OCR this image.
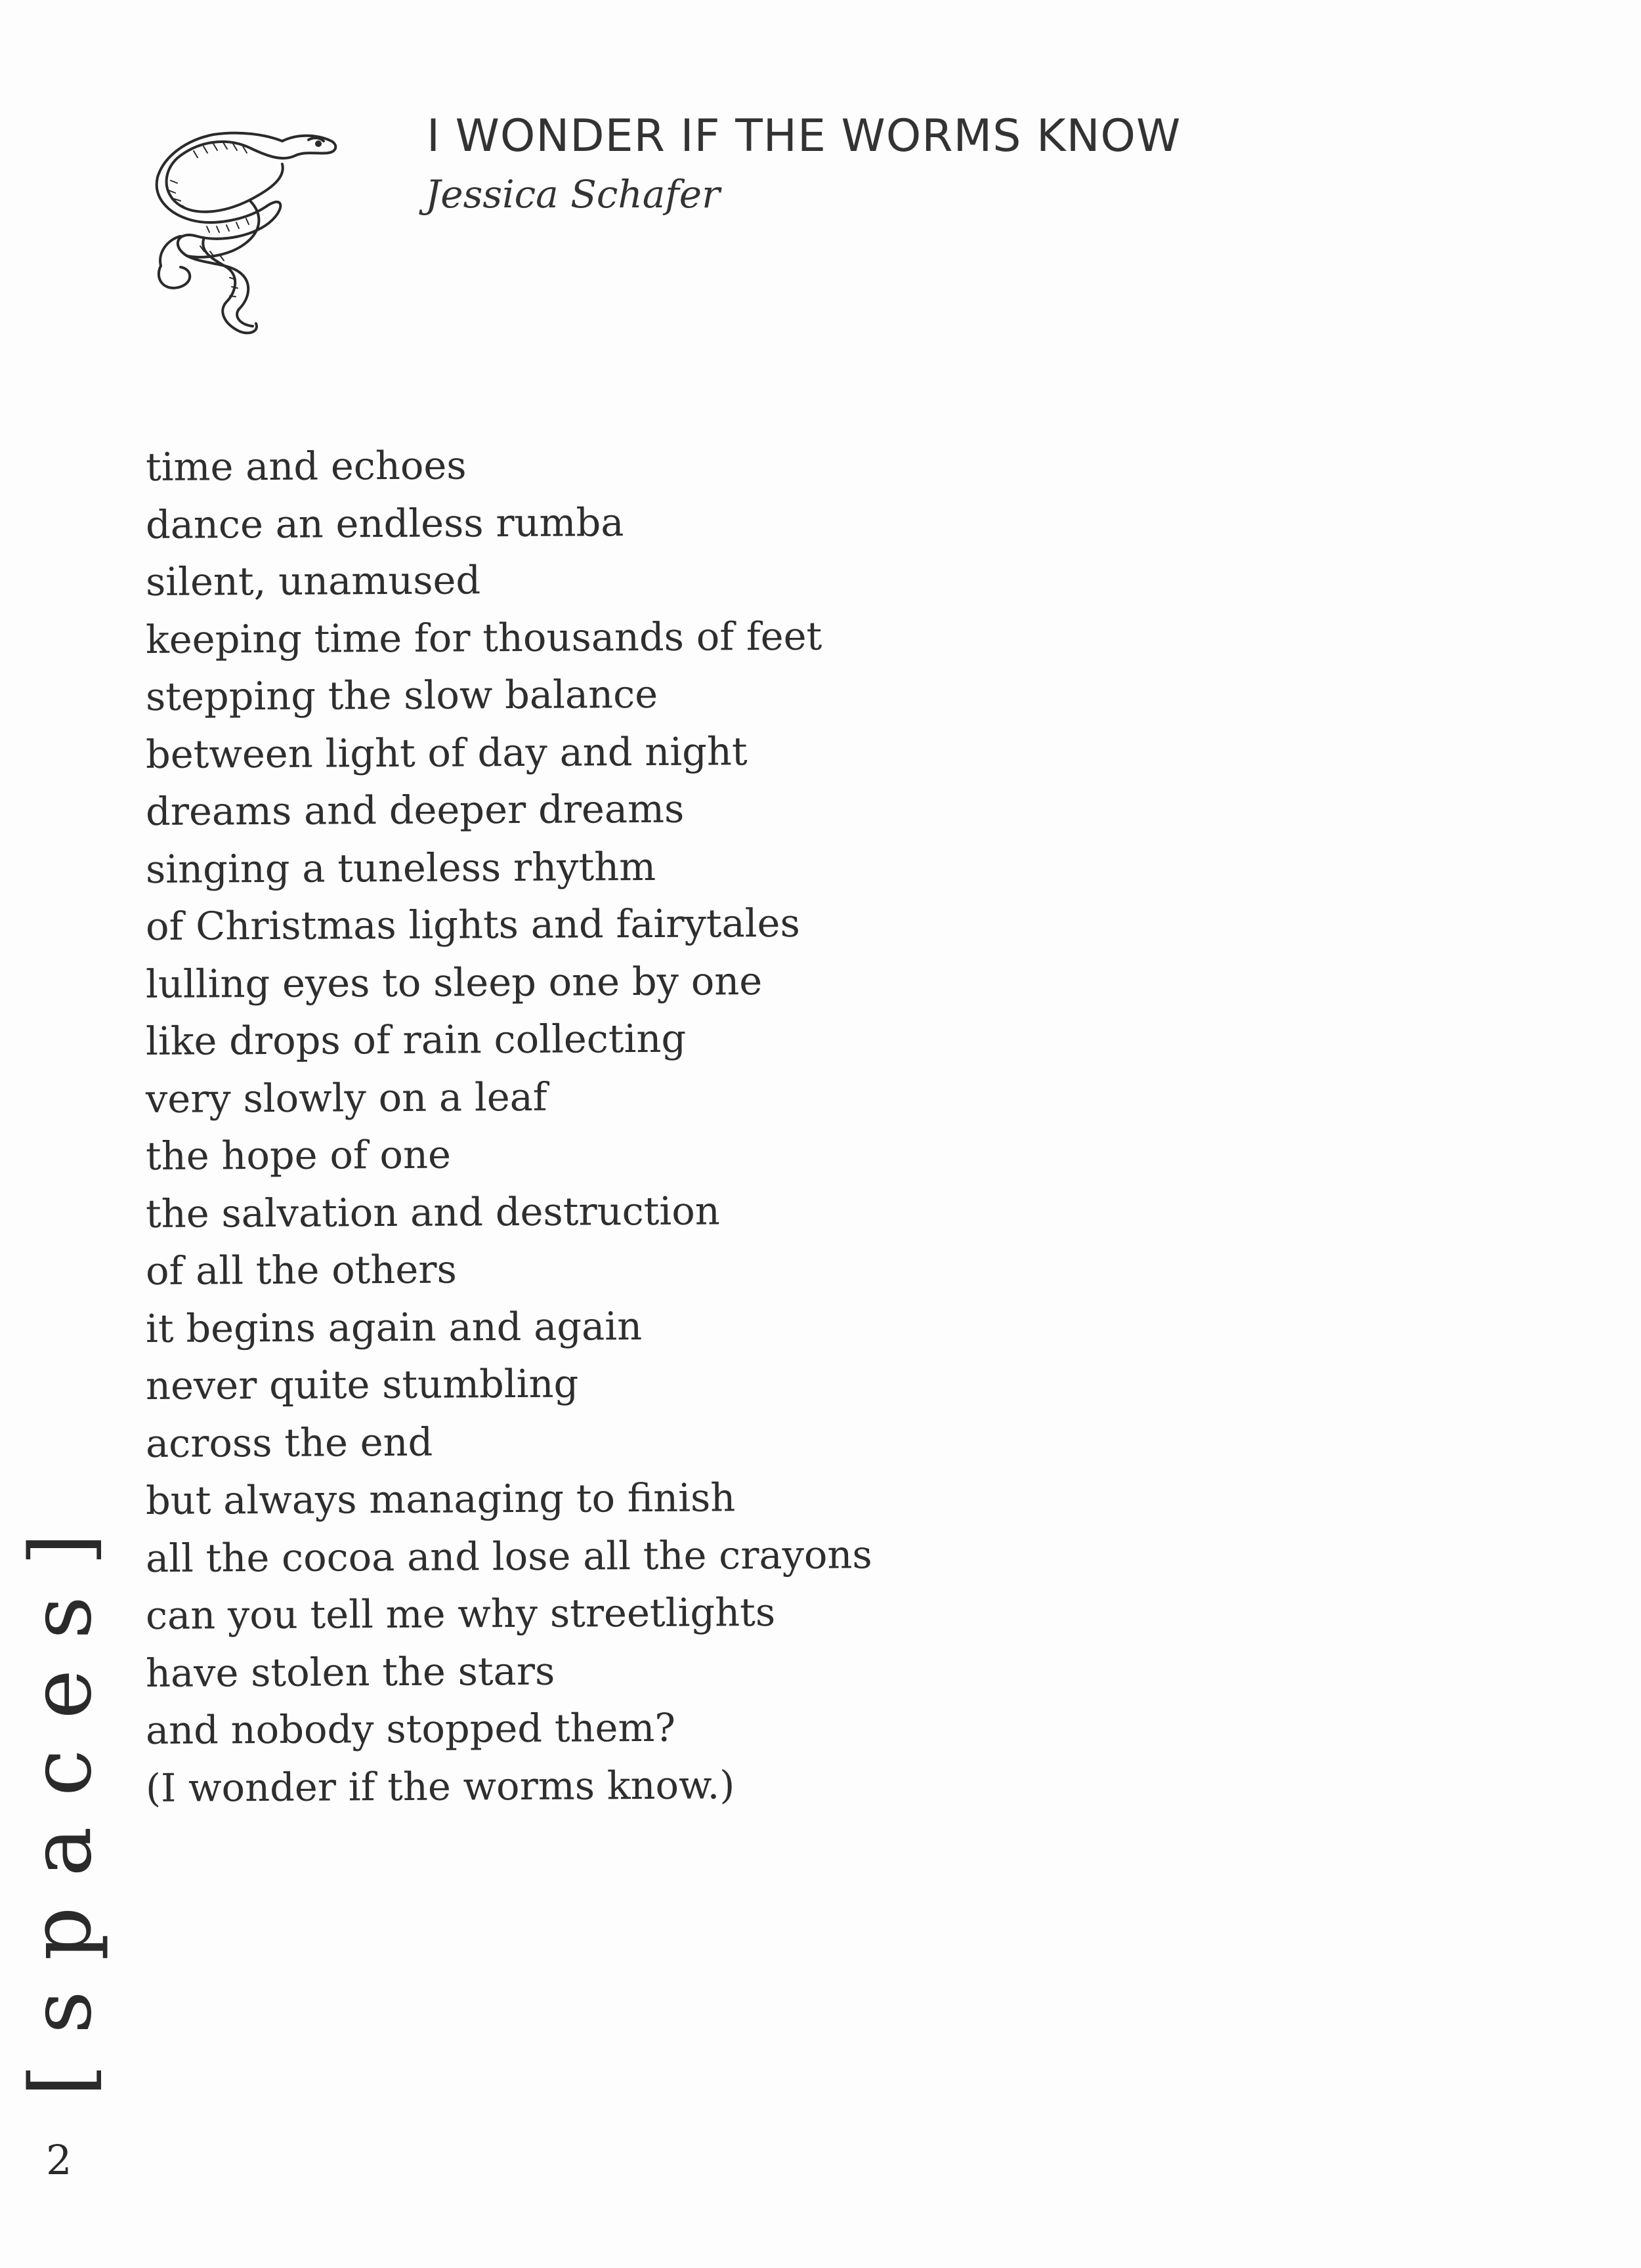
I WONDER IF THE WORMS KNOW

Jessica Schafer

time and echoes
dance an endless rumba
silent, unamused
keeping time for thousands of feet
stepping the slow balance
between light of day and night
dreams and deeper dreams
singing a tuneless rhythm
of Christmas lights and fairytales
lulling eyes to sleep one by one
like drops of rain collecting
very slowly on a leaf
the hope of one
the salvation and destruction
of all the others
it begins again and again
never quite stumbling
across the end
but always managing to finish
all the cocoa and lose all the crayons
can you tell me why streetlights
have stolen the stars
and nobody stopped them?
(I wonder if the worms know.)
[spaces]
2
